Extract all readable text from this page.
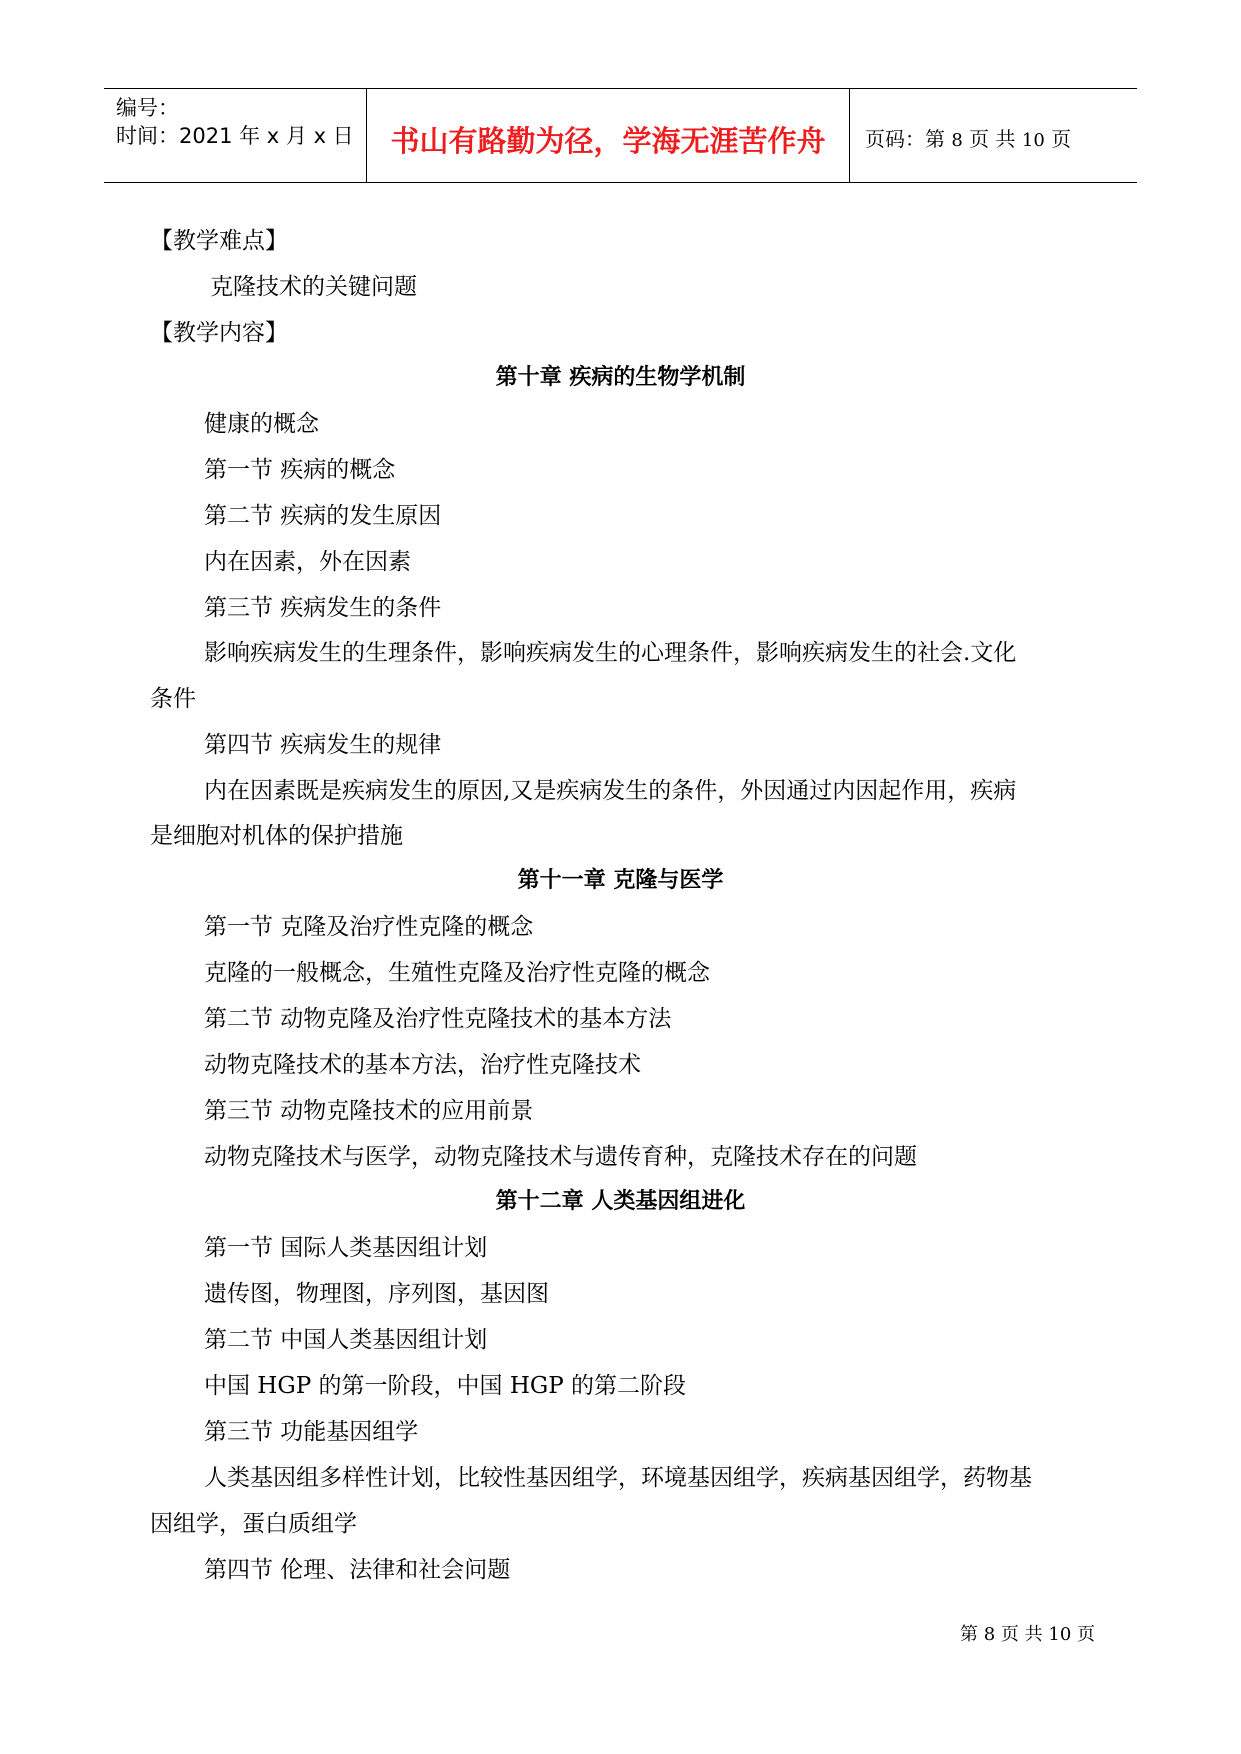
编号：
时间：2021 年 x 月 x 日	书山有路勤为径，学海无涯苦作舟	页码：第 8 页 共 10 页
【教学难点】
克隆技术的关键问题
【教学内容】
第十章 疾病的生物学机制
健康的概念
第一节 疾病的概念
第二节 疾病的发生原因
内在因素，外在因素
第三节 疾病发生的条件
影响疾病发生的生理条件，影响疾病发生的心理条件，影响疾病发生的社会.文化
条件
第四节 疾病发生的规律
内在因素既是疾病发生的原因,又是疾病发生的条件，外因通过内因起作用，疾病
是细胞对机体的保护措施
第十一章 克隆与医学
第一节 克隆及治疗性克隆的概念
克隆的一般概念，生殖性克隆及治疗性克隆的概念
第二节 动物克隆及治疗性克隆技术的基本方法
动物克隆技术的基本方法，治疗性克隆技术
第三节 动物克隆技术的应用前景
动物克隆技术与医学，动物克隆技术与遗传育种，克隆技术存在的问题
第十二章 人类基因组进化
第一节 国际人类基因组计划
遗传图，物理图，序列图，基因图
第二节 中国人类基因组计划
中国 HGP 的第一阶段，中国 HGP 的第二阶段
第三节 功能基因组学
人类基因组多样性计划，比较性基因组学，环境基因组学，疾病基因组学，药物基
因组学，蛋白质组学
第四节 伦理、法律和社会问题
第 8 页 共 10 页
